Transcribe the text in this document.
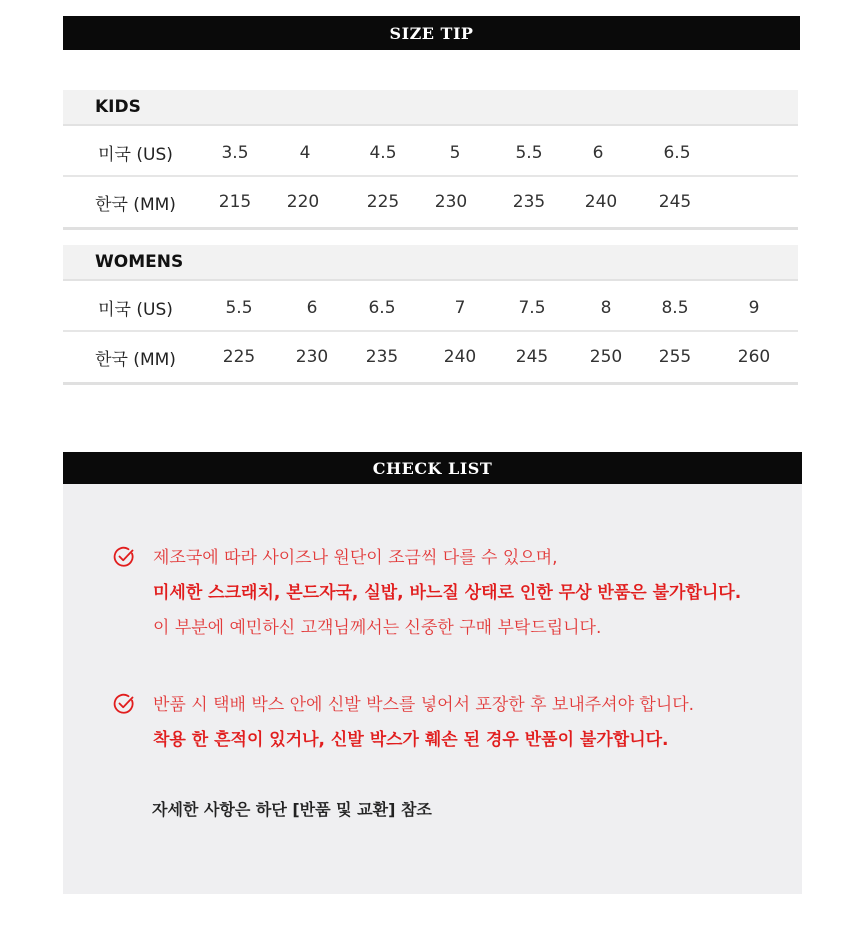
SIZE TIP
KIDS
미국 (US)	3.5	4	4.5	5	5.5	6	6.5
한국 (MM)	215	220	225	230	235	240	245
WOMENS
미국 (US)	5.5	6	6.5	7	7.5	8	8.5	9
한국 (MM)	225	230	235	240	245	250	255	260
CHECK LIST
제조국에 따라 사이즈나 원단이 조금씩 다를 수 있으며,
미세한 스크래치, 본드자국, 실밥, 바느질 상태로 인한 무상 반품은 불가합니다.
이 부분에 예민하신 고객님께서는 신중한 구매 부탁드립니다.
반품 시 택배 박스 안에 신발 박스를 넣어서 포장한 후 보내주셔야 합니다.
착용 한 흔적이 있거나, 신발 박스가 훼손 된 경우 반품이 불가합니다.
자세한 사항은 하단 [반품 및 교환] 참조
